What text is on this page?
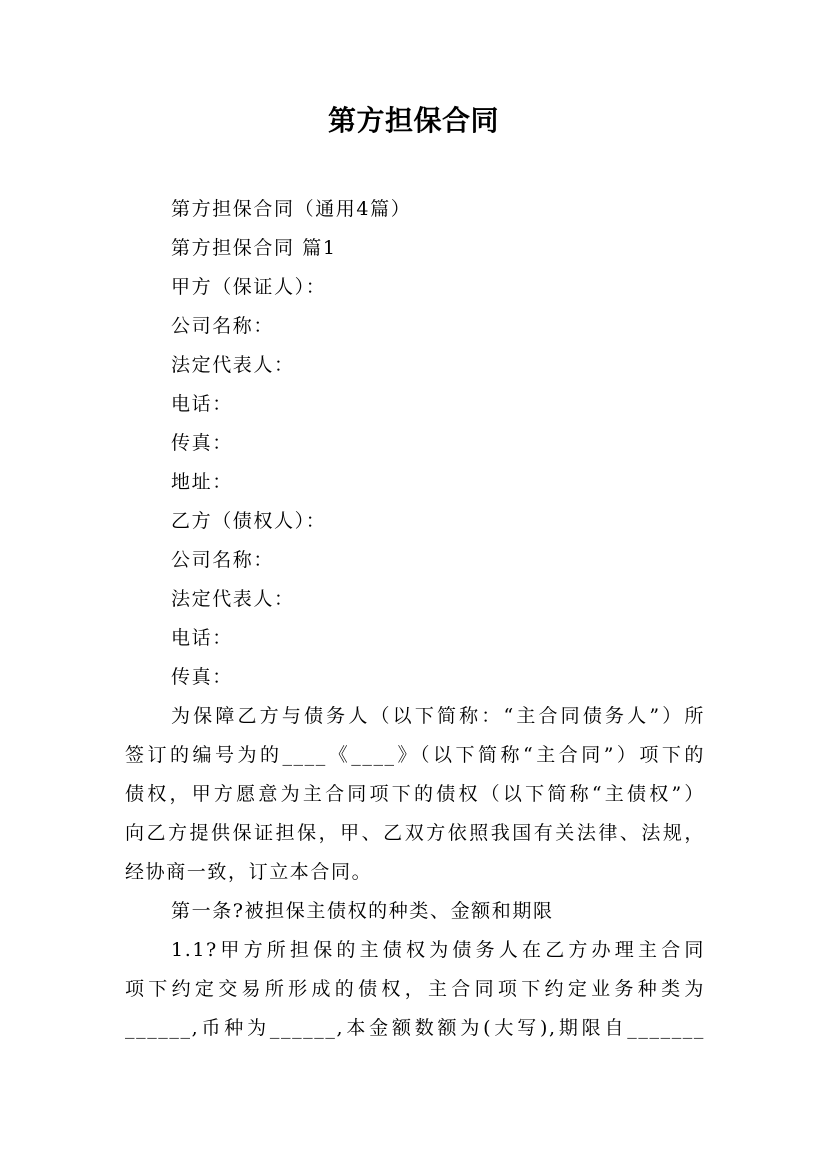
第方担保合同
第方担保合同（通用4篇）
第方担保合同 篇1
甲方（保证人）：
公司名称：
法定代表人：
电话：
传真：
地址：
乙方（债权人）：
公司名称：
法定代表人：
电话：
传真：
为保障乙方与债务人（以下简称：“主合同债务人”）所
签订的编号为的____《____》（以下简称“主合同”）项下的
债权，甲方愿意为主合同项下的债权（以下简称“主债权”）
向乙方提供保证担保，甲、乙双方依照我国有关法律、法规，
经协商一致，订立本合同。
第一条?被担保主债权的种类、金额和期限
1.1?甲方所担保的主债权为债务人在乙方办理主合同
项下约定交易所形成的债权，主合同项下约定业务种类为
______,币种为______,本金额数额为(大写),期限自_______
